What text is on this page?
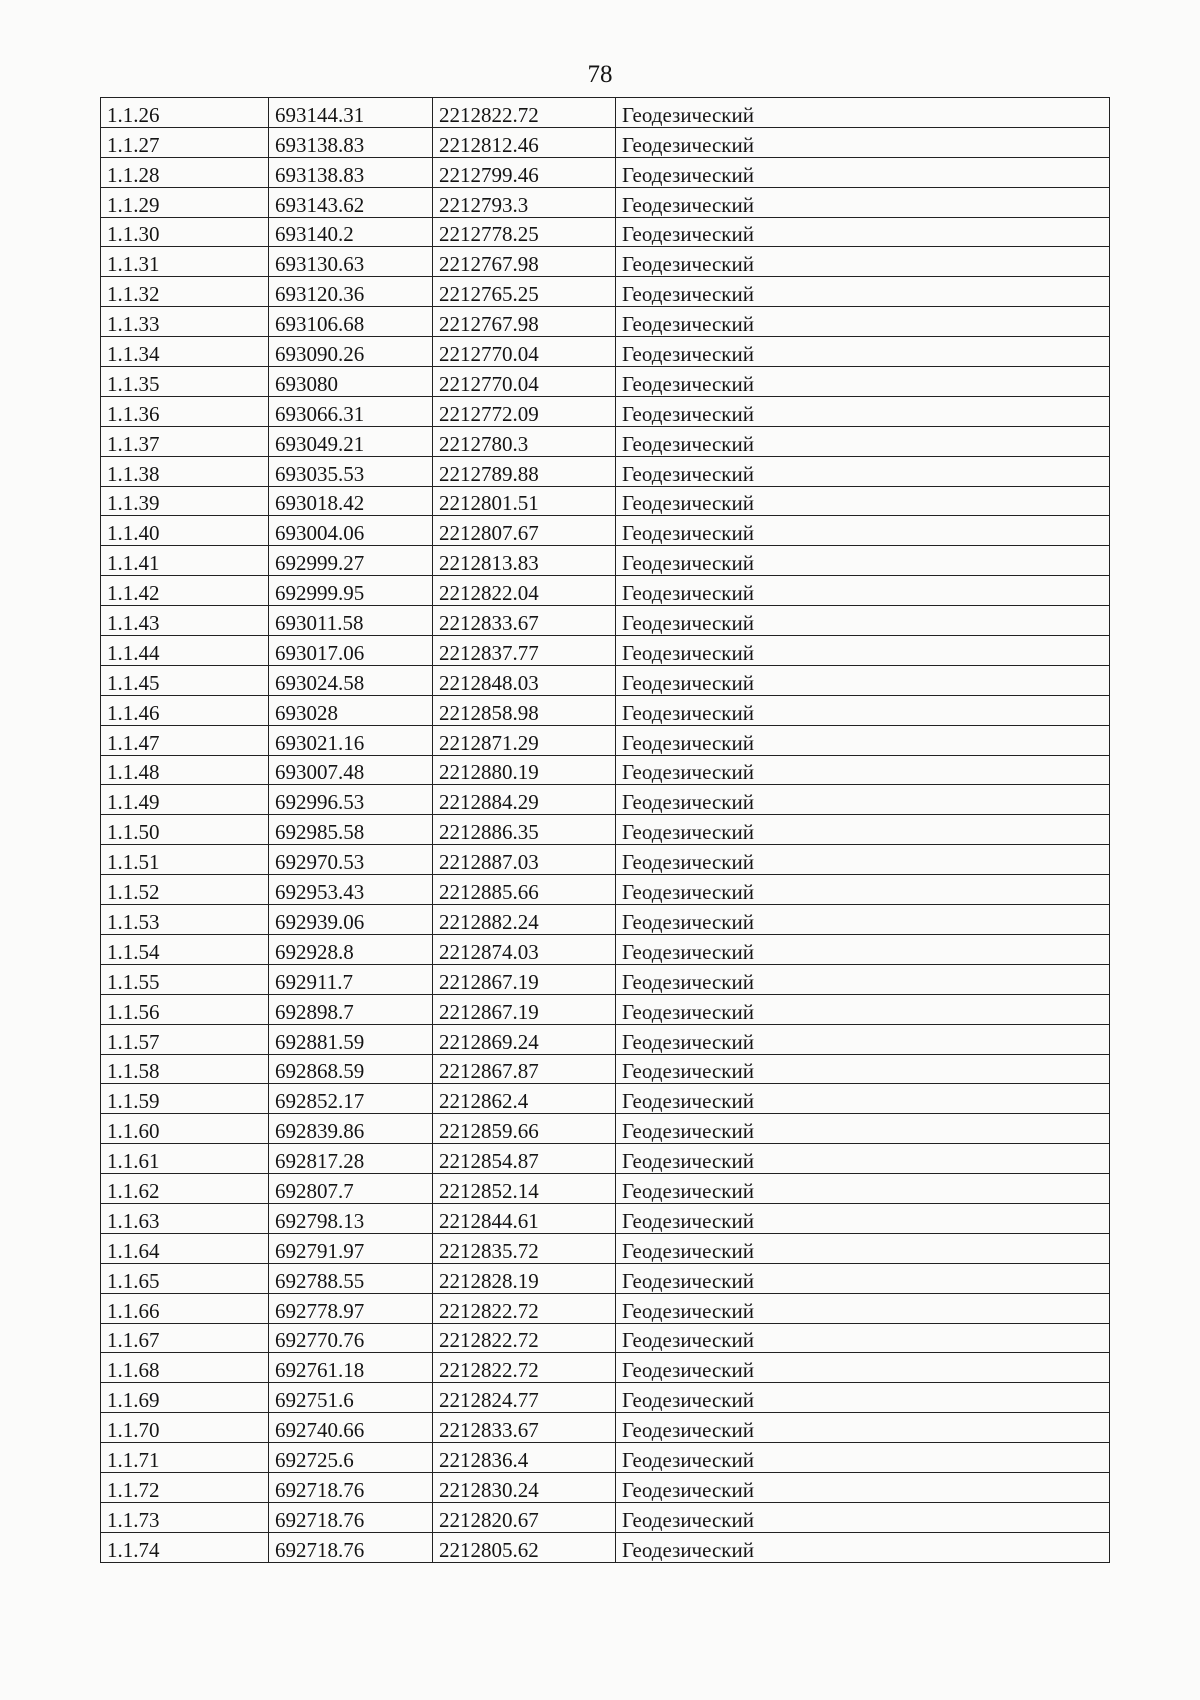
78
1.1.26	693144.31	2212822.72	Геодезический
1.1.27	693138.83	2212812.46	Геодезический
1.1.28	693138.83	2212799.46	Геодезический
1.1.29	693143.62	2212793.3	Геодезический
1.1.30	693140.2	2212778.25	Геодезический
1.1.31	693130.63	2212767.98	Геодезический
1.1.32	693120.36	2212765.25	Геодезический
1.1.33	693106.68	2212767.98	Геодезический
1.1.34	693090.26	2212770.04	Геодезический
1.1.35	693080	2212770.04	Геодезический
1.1.36	693066.31	2212772.09	Геодезический
1.1.37	693049.21	2212780.3	Геодезический
1.1.38	693035.53	2212789.88	Геодезический
1.1.39	693018.42	2212801.51	Геодезический
1.1.40	693004.06	2212807.67	Геодезический
1.1.41	692999.27	2212813.83	Геодезический
1.1.42	692999.95	2212822.04	Геодезический
1.1.43	693011.58	2212833.67	Геодезический
1.1.44	693017.06	2212837.77	Геодезический
1.1.45	693024.58	2212848.03	Геодезический
1.1.46	693028	2212858.98	Геодезический
1.1.47	693021.16	2212871.29	Геодезический
1.1.48	693007.48	2212880.19	Геодезический
1.1.49	692996.53	2212884.29	Геодезический
1.1.50	692985.58	2212886.35	Геодезический
1.1.51	692970.53	2212887.03	Геодезический
1.1.52	692953.43	2212885.66	Геодезический
1.1.53	692939.06	2212882.24	Геодезический
1.1.54	692928.8	2212874.03	Геодезический
1.1.55	692911.7	2212867.19	Геодезический
1.1.56	692898.7	2212867.19	Геодезический
1.1.57	692881.59	2212869.24	Геодезический
1.1.58	692868.59	2212867.87	Геодезический
1.1.59	692852.17	2212862.4	Геодезический
1.1.60	692839.86	2212859.66	Геодезический
1.1.61	692817.28	2212854.87	Геодезический
1.1.62	692807.7	2212852.14	Геодезический
1.1.63	692798.13	2212844.61	Геодезический
1.1.64	692791.97	2212835.72	Геодезический
1.1.65	692788.55	2212828.19	Геодезический
1.1.66	692778.97	2212822.72	Геодезический
1.1.67	692770.76	2212822.72	Геодезический
1.1.68	692761.18	2212822.72	Геодезический
1.1.69	692751.6	2212824.77	Геодезический
1.1.70	692740.66	2212833.67	Геодезический
1.1.71	692725.6	2212836.4	Геодезический
1.1.72	692718.76	2212830.24	Геодезический
1.1.73	692718.76	2212820.67	Геодезический
1.1.74	692718.76	2212805.62	Геодезический
